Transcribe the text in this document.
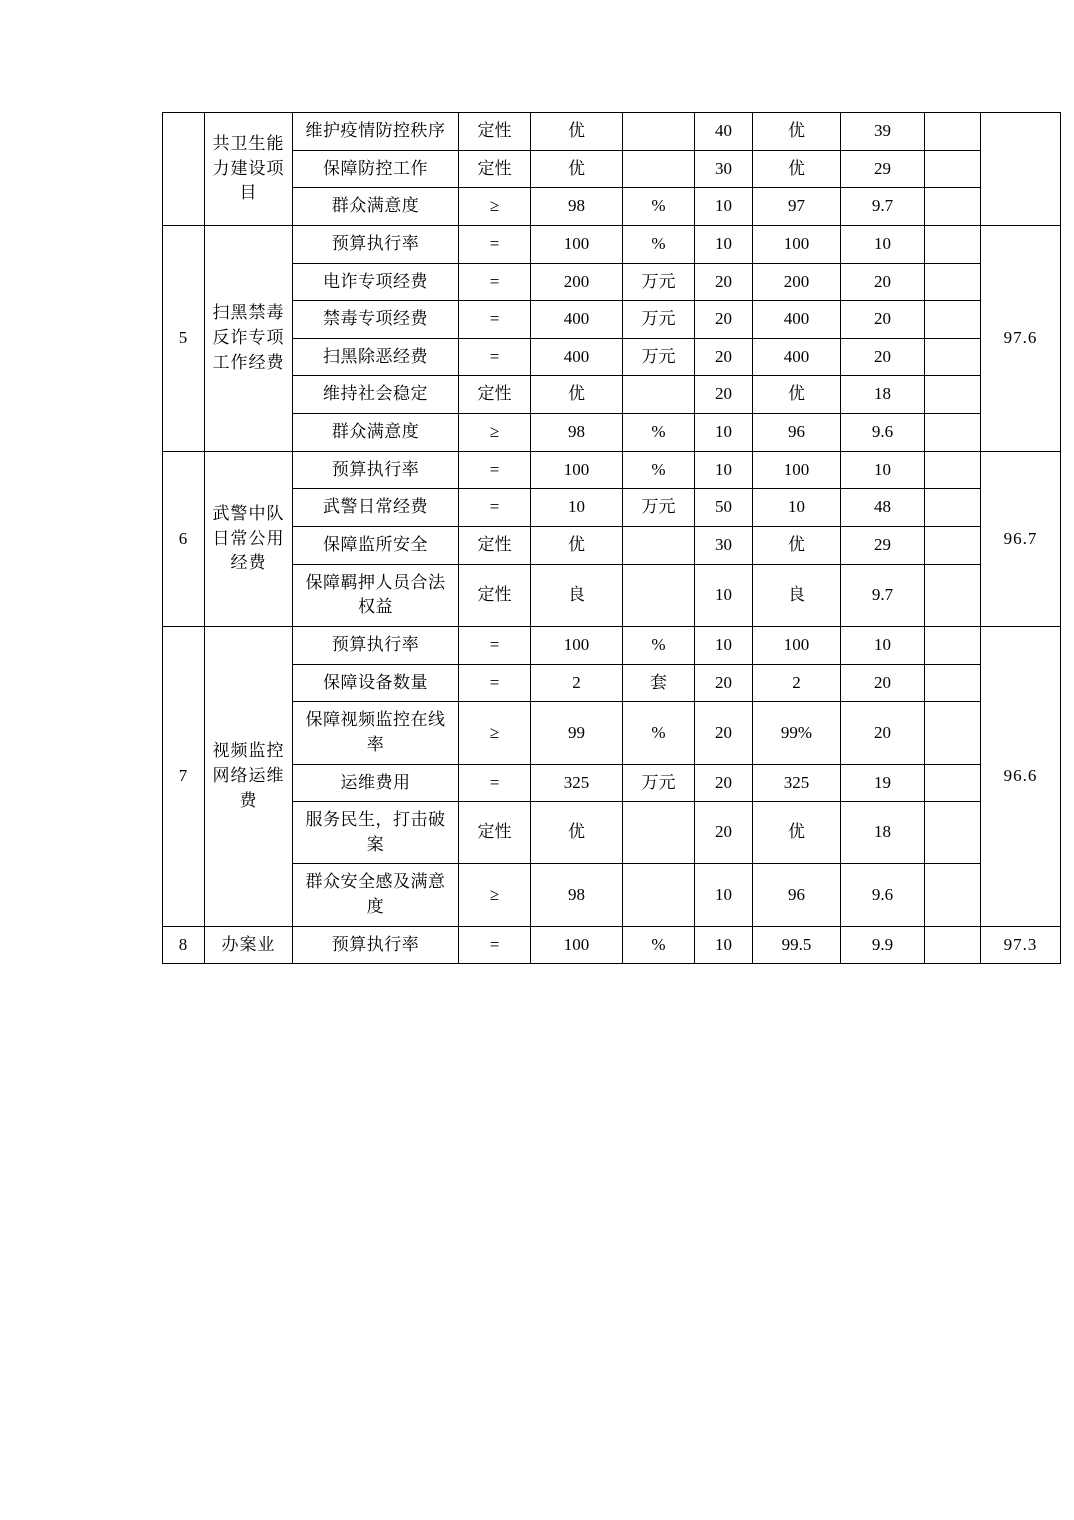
	共卫生能力建设项目	维护疫情防控秩序	定性	优		40	优	39		
		保障防控工作	定性	优		30	优	29		
		群众满意度	≥	98	%	10	97	9.7		
5	扫黑禁毒反诈专项工作经费	预算执行率	=	100	%	10	100	10		97.6
		电诈专项经费	=	200	万元	20	200	20		
		禁毒专项经费	=	400	万元	20	400	20		
		扫黑除恶经费	=	400	万元	20	400	20		
		维持社会稳定	定性	优		20	优	18		
		群众满意度	≥	98	%	10	96	9.6		
6	武警中队日常公用经费	预算执行率	=	100	%	10	100	10		96.7
		武警日常经费	=	10	万元	50	10	48		
		保障监所安全	定性	优		30	优	29		
		保障羁押人员合法权益	定性	良		10	良	9.7		
7	视频监控网络运维费	预算执行率	=	100	%	10	100	10		96.6
		保障设备数量	=	2	套	20	2	20		
		保障视频监控在线率	≥	99	%	20	99%	20		
		运维费用	=	325	万元	20	325	19		
		服务民生，打击破案	定性	优		20	优	18		
		群众安全感及满意度	≥	98		10	96	9.6		
8	办案业	预算执行率	=	100	%	10	99.5	9.9		97.3
